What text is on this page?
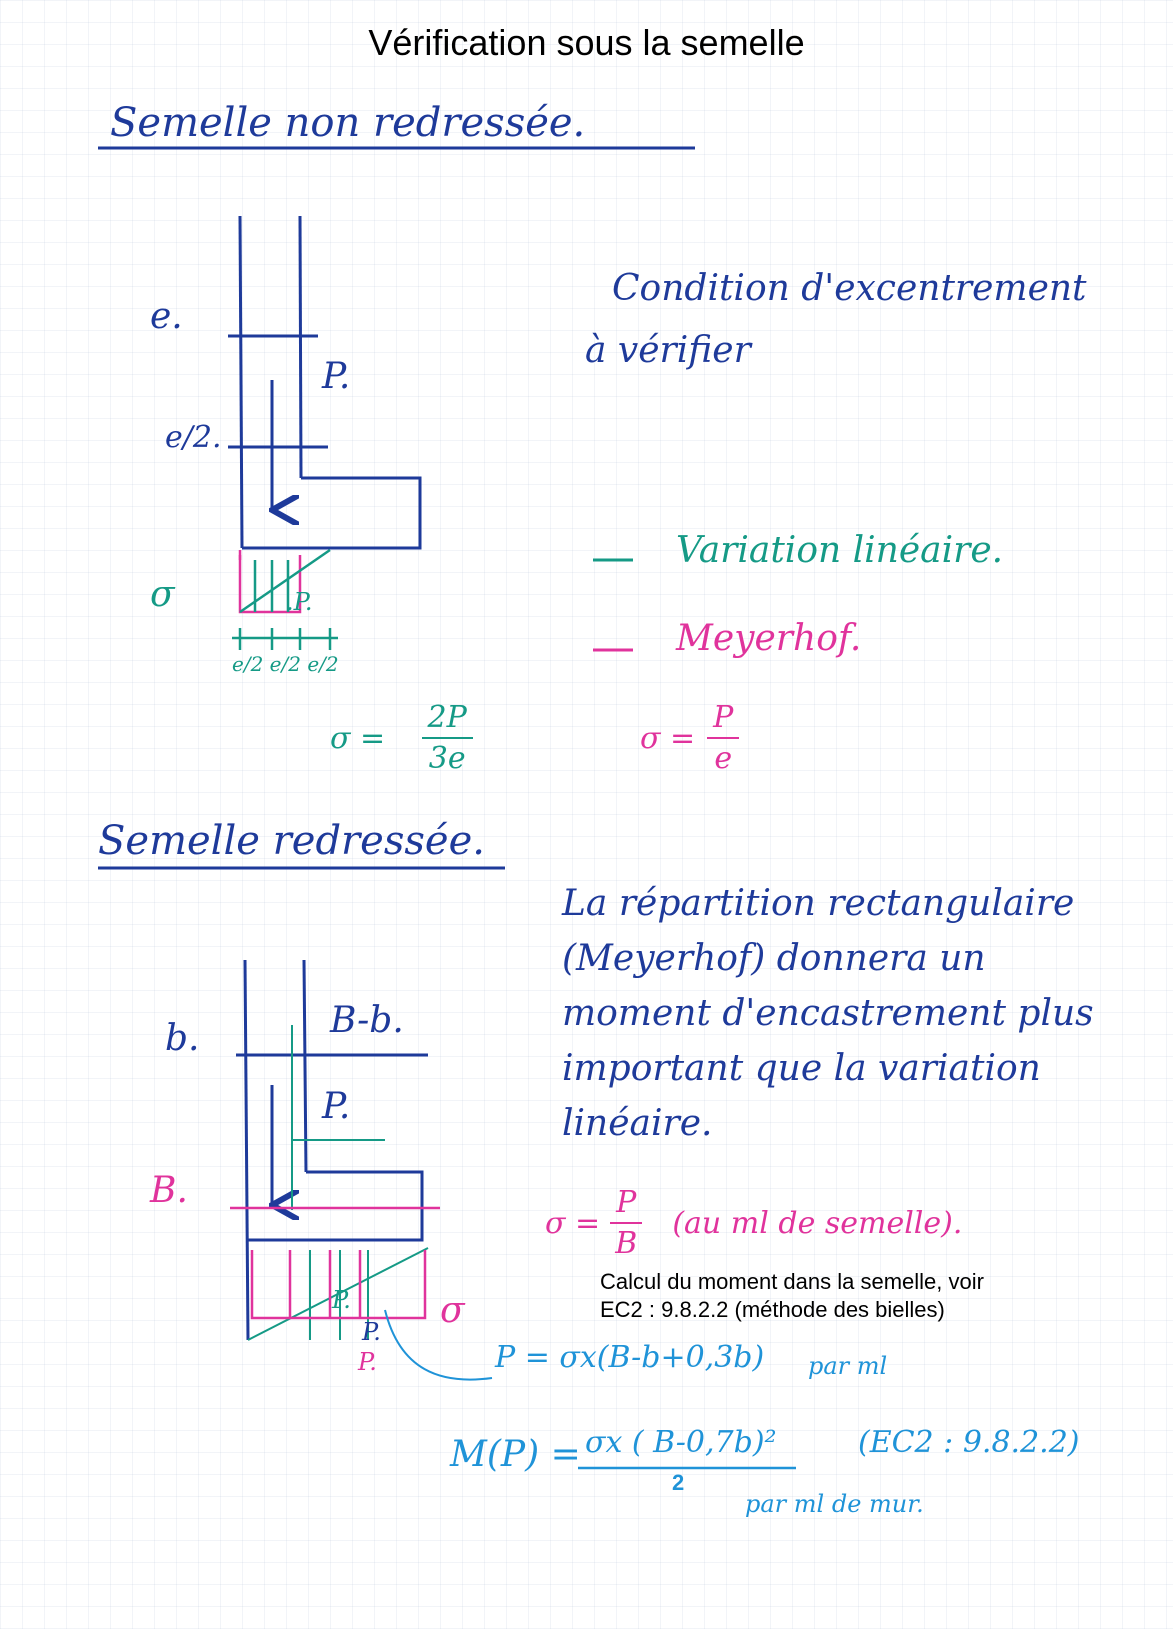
Vérification sous la semelle
Semelle non redressée.
e.
e/2.
P.
σ	.P.
e/2 e/2 e/2
Condition d'excentrement
à vérifier
Variation linéaire.
Meyerhof.
$\sigma = \frac{2P}{3e}$	$\sigma = \frac{P}{e}$
Semelle redressée.
La répartition rectangulaire
(Meyerhof) donnera un
moment d'encastrement plus
important que la variation
linéaire.
b.	B-b.
P.
B.
σ
P.
P.
P.
$\sigma = \frac{P}{B} (au$ ml de semelle).
Calcul du moment dans la semelle, voir
EC2 : 9.8.2.2 (méthode des bielles)
P = σx(B-b+0,3b) par ml
M(P) = σx ( B-0,7b)²
2
(EC2 : 9.8.2.2)
par ml de mur.
